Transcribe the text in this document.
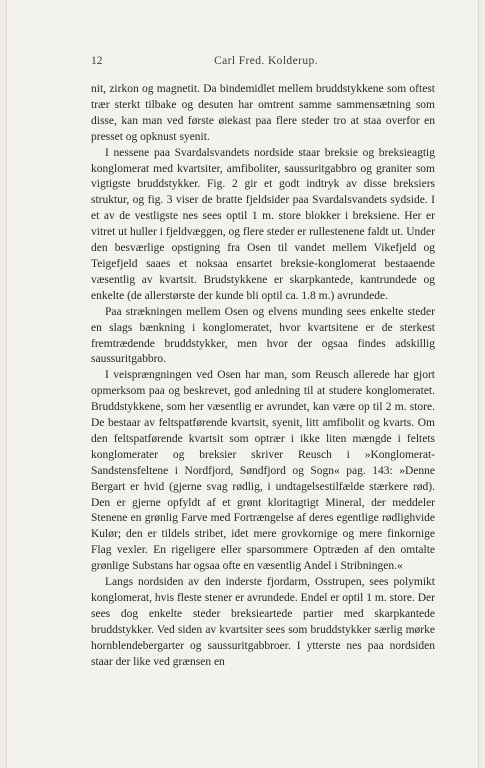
12	Carl Fred. Kolderup.

nit, zirkon og magnetit. Da bindemidlet mellem bruddstykkene som oftest trær sterkt tilbake og desuten har omtrent samme sammensætning som disse, kan man ved første øiekast paa flere steder tro at staa overfor en presset og opknust syenit.

I nessene paa Svardalsvandets nordside staar breksie og breksieagtig konglomerat med kvartsiter, amfiboliter, saussuritgabbro og graniter som vigtigste bruddstykker. Fig. 2 gir et godt indtryk av disse breksiers struktur, og fig. 3 viser de bratte fjeldsider paa Svardalsvandets sydside. I et av de vestligste nes sees optil 1 m. store blokker i breksiene. Her er vitret ut huller i fjeldvæggen, og flere steder er rullestenene faldt ut. Under den besværlige opstigning fra Osen til vandet mellem Vikefjeld og Teigefjeld saaes et noksaa ensartet breksie-konglomerat bestaaende væsentlig av kvartsit. Brudstykkene er skarpkantede, kantrundede og enkelte (de allerstørste der kunde bli optil ca. 1.8 m.) avrundede.

Paa strækningen mellem Osen og elvens munding sees enkelte steder en slags bænkning i konglomeratet, hvor kvartsitene er de sterkest fremtrædende bruddstykker, men hvor der ogsaa findes adskillig saussuritgabbro.

I veisprængningen ved Osen har man, som Reusch allerede har gjort opmerksom paa og beskrevet, god anledning til at studere konglomeratet. Bruddstykkene, som her væsentlig er avrundet, kan være op til 2 m. store. De bestaar av feltspatførende kvartsit, syenit, litt amfibolit og kvarts. Om den feltspatførende kvartsit som optrær i ikke liten mængde i feltets konglomerater og breksier skriver Reusch i »Konglomerat-Sandstensfeltene i Nordfjord, Søndfjord og Sogn« pag. 143: »Denne Bergart er hvid (gjerne svag rødlig, i undtagelsestilfælde stærkere rød). Den er gjerne opfyldt af et grønt kloritagtigt Mineral, der meddeler Stenene en grønlig Farve med Fortrængelse af deres egentlige rødlighvide Kulør; den er tildels stribet, idet mere grovkornige og mere finkornige Flag vexler. En rigeligere eller sparsommere Optræden af den omtalte grønlige Substans har ogsaa ofte en væsentlig Andel i Stribningen.«

Langs nordsiden av den inderste fjordarm, Osstrupen, sees polymikt konglomerat, hvis fleste stener er avrundede. Endel er optil 1 m. store. Der sees dog enkelte steder breksieartede partier med skarpkantede bruddstykker. Ved siden av kvartsiter sees som bruddstykker særlig mørke hornblendebergarter og saussuritgabbroer. I ytterste nes paa nordsiden staar der like ved grænsen en
